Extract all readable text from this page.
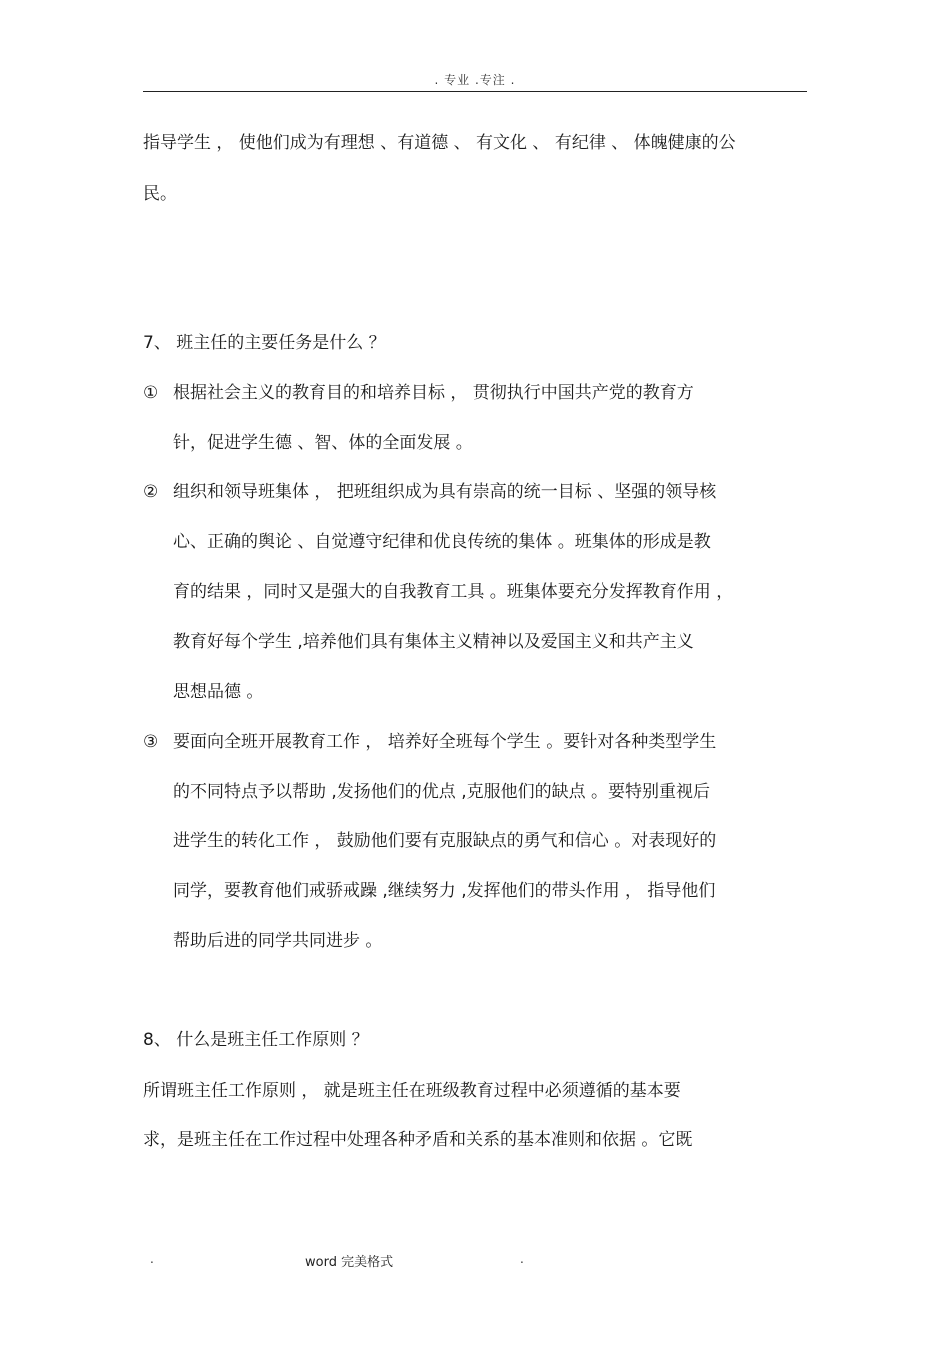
. 专业 .专注 .
指导学生 ， 使他们成为有理想 、有道德 、 有文化 、 有纪律 、 体魄健康的公
民。
7、 班主任的主要任务是什么 ？
① 根据社会主义的教育目的和培养目标 ， 贯彻执行中国共产党的教育方
针，促进学生德 、智、体的全面发展 。
② 组织和领导班集体 ， 把班组织成为具有崇高的统一目标 、坚强的领导核
心、正确的舆论 、自觉遵守纪律和优良传统的集体 。班集体的形成是教
育的结果 ，同时又是强大的自我教育工具 。班集体要充分发挥教育作用 ，
教育好每个学生 ,培养他们具有集体主义精神以及爱国主义和共产主义
思想品德 。
③ 要面向全班开展教育工作 ， 培养好全班每个学生 。要针对各种类型学生
的不同特点予以帮助 ,发扬他们的优点 ,克服他们的缺点 。要特别重视后
进学生的转化工作 ， 鼓励他们要有克服缺点的勇气和信心 。对表现好的
同学，要教育他们戒骄戒躁 ,继续努力 ,发挥他们的带头作用 ， 指导他们
帮助后进的同学共同进步 。
8、 什么是班主任工作原则 ？
所谓班主任工作原则 ， 就是班主任在班级教育过程中必须遵循的基本要
求，是班主任在工作过程中处理各种矛盾和关系的基本准则和依据 。它既
.	word 完美格式	.
